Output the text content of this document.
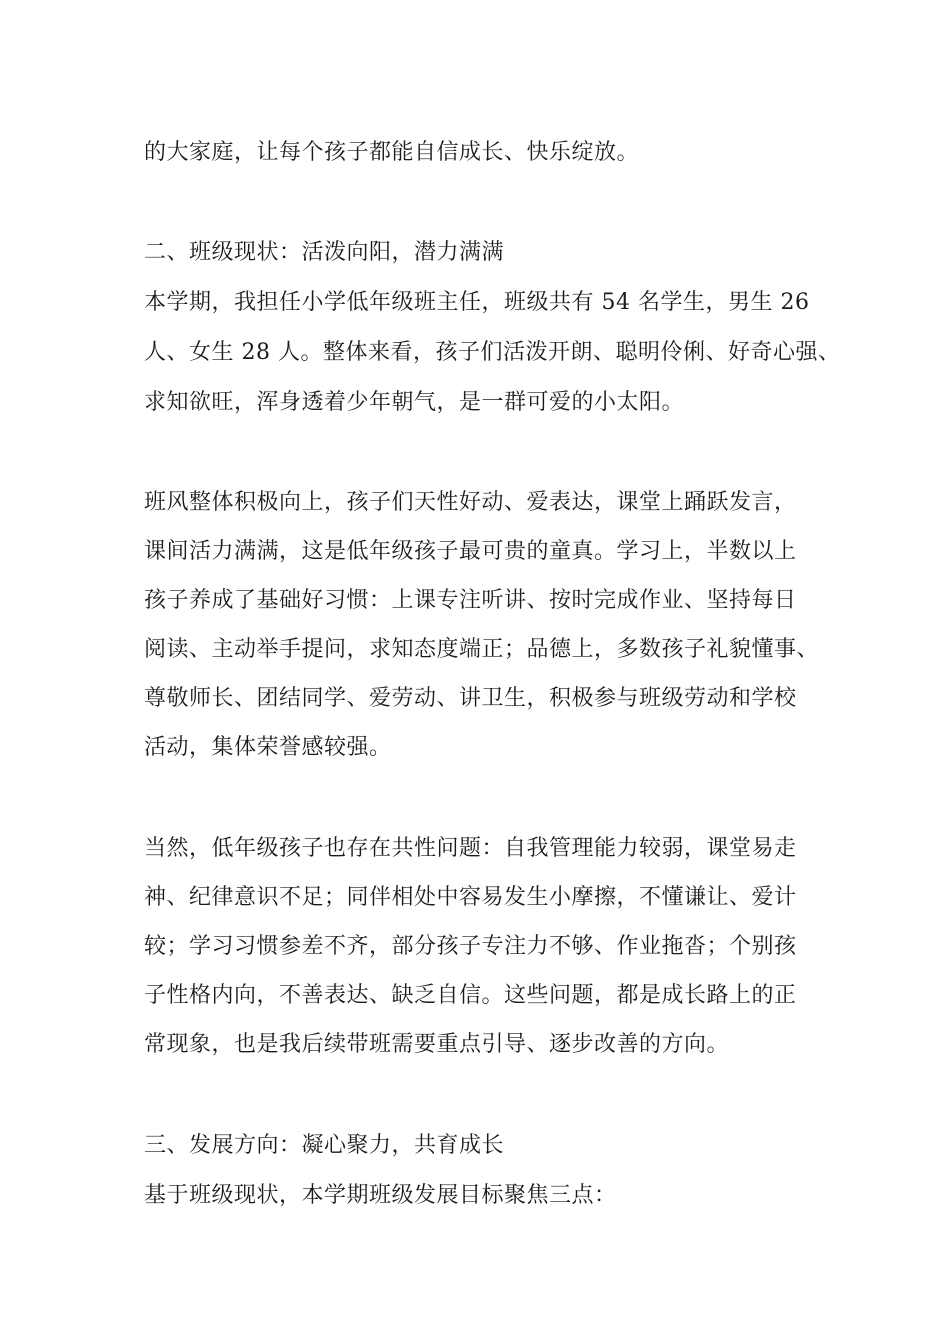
的大家庭，让每个孩子都能自信成长、快乐绽放。
二、班级现状：活泼向阳，潜力满满
本学期，我担任小学低年级班主任，班级共有 54 名学生，男生 26
人、女生 28 人。整体来看，孩子们活泼开朗、聪明伶俐、好奇心强、
求知欲旺，浑身透着少年朝气，是一群可爱的小太阳。
班风整体积极向上，孩子们天性好动、爱表达，课堂上踊跃发言，
课间活力满满，这是低年级孩子最可贵的童真。学习上，半数以上
孩子养成了基础好习惯：上课专注听讲、按时完成作业、坚持每日
阅读、主动举手提问，求知态度端正；品德上，多数孩子礼貌懂事、
尊敬师长、团结同学、爱劳动、讲卫生，积极参与班级劳动和学校
活动，集体荣誉感较强。
当然，低年级孩子也存在共性问题：自我管理能力较弱，课堂易走
神、纪律意识不足；同伴相处中容易发生小摩擦，不懂谦让、爱计
较；学习习惯参差不齐，部分孩子专注力不够、作业拖沓；个别孩
子性格内向，不善表达、缺乏自信。这些问题，都是成长路上的正
常现象，也是我后续带班需要重点引导、逐步改善的方向。
三、发展方向：凝心聚力，共育成长
基于班级现状，本学期班级发展目标聚焦三点：
